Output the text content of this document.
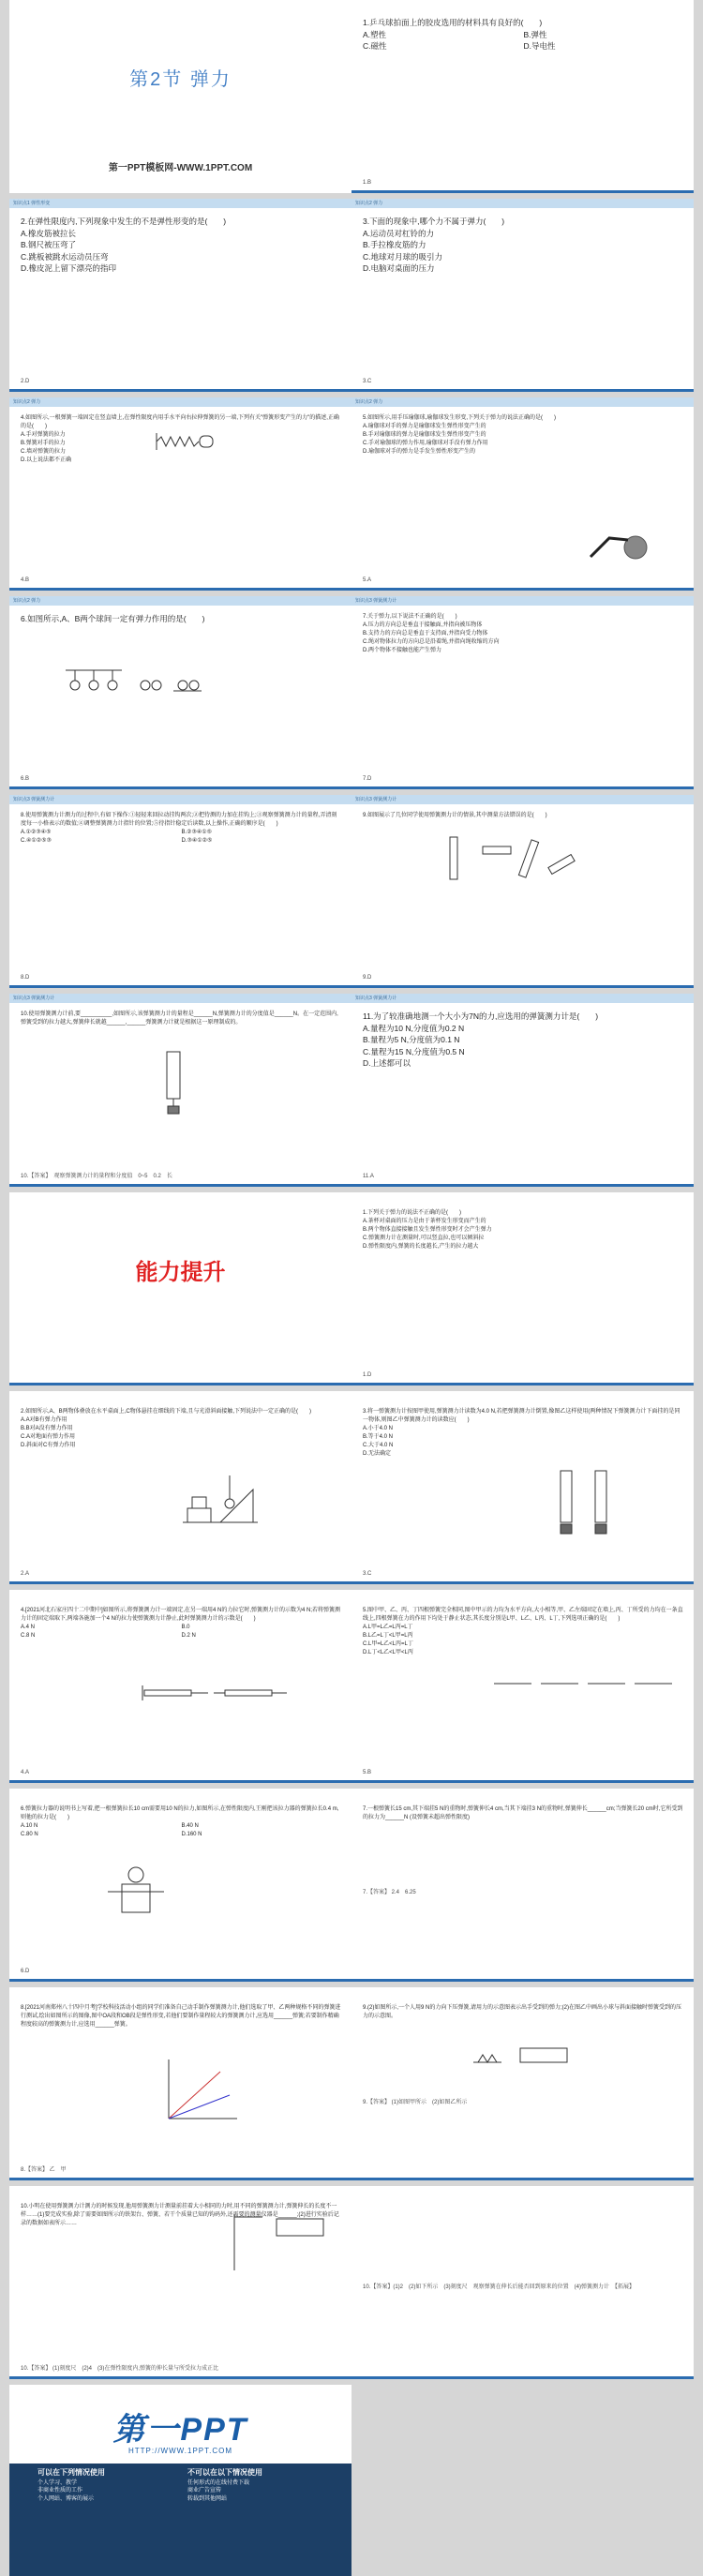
第2节 弹力
第一PPT模板网-WWW.1PPT.COM
1.乒乓球拍面上的胶皮选用的材料具有良好的(　　)
A.塑性	B.弹性
C.磁性	D.导电性
1.B
知识点1 弹性形变
2.在弹性限度内,下列现象中发生的不是弹性形变的是(　　)
A.橡皮筋被拉长
B.钢尺被压弯了
C.跳板被跳水运动员压弯
D.橡皮泥上留下漂亮的指印
2.D
知识点2 弹力
3.下面的现象中,哪个力不属于弹力(　　)
A.运动员对杠铃的力
B.手拉橡皮筋的力
C.地球对月球的吸引力
D.电脑对桌面的压力
3.C
知识点2 弹力
4.如图所示,一根弹簧一端固定在竖直墙上,在弹性限度内用手水平向右拉伸弹簧的另一端,下列有关"弹簧形变产生的力"的描述,正确的是(　　)
A.手对弹簧的拉力
B.弹簧对手的拉力
C.墙对弹簧的拉力
D.以上说法都不正确
4.B
知识点2 弹力
5.如图所示,用手压瑜伽球,瑜伽球发生形变,下列关于弹力的说法正确的是(　　)
A.瑜伽球对手的弹力是瑜伽球发生弹性形变产生的
B.手对瑜伽球的弹力是瑜伽球发生弹性形变产生的
C.手对瑜伽球的弹力作用,瑜伽球对手没有弹力作用
D.瑜伽球对手的弹力是手发生弹性形变产生的
5.A
知识点2 弹力
6.如图所示,A、B两个球间一定有弹力作用的是(　　)
6.B
知识点3 弹簧测力计
7.关于弹力,以下说法不正确的是(　　)
A.压力的方向总是垂直于接触面,并指向被压物体
B.支持力的方向总是垂直于支持面,并指向受力物体
C.绳对物体拉力的方向总是沿着绳,并指向绳收缩的方向
D.两个物体不接触也能产生弹力
7.D
知识点3 弹簧测力计
8.使用弹簧测力计测力的过程中,有如下操作:①轻轻来回拉动挂钩两次;②把待测的力加在挂钩上;③观察弹簧测力计的量程,弄清刻度每一小格表示的数值;④调整弹簧测力计指针的位置;⑤待指针稳定后读数,以上操作,正确的顺序是(　　)
A.①②③④⑤	B.②③④①⑤
C.④①②⑤③	D.③④①②⑤
8.D
知识点3 弹簧测力计
9.如图展示了几位同学使用弹簧测力计的情景,其中测量方法错误的是(　　)
9.D
知识点3 弹簧测力计
10.使用弹簧测力计前,要__________,如图所示,该弹簧测力计的量程是______N,弹簧测力计的分度值是______N。在一定范围内,弹簧受到的拉力越大,弹簧伸长就越______,______弹簧测力计就是根据这一原理制成的。
10.【答案】　观察弹簧测力计的量程和分度值　0~5　0.2　长
知识点3 弹簧测力计
11.为了较准确地测一个大小为7N的力,应选用的弹簧测力计是(　　)
A.量程为10 N,分度值为0.2 N
B.量程为5 N,分度值为0.1 N
C.量程为15 N,分度值为0.5 N
D.上述都可以
11.A
能力提升
1.下列关于弹力的说法不正确的是(　　)
A.茶杯对桌面的压力是由于茶杯发生形变而产生的
B.两个物体直接接触且发生弹性形变时才会产生弹力
C.弹簧测力计在测量时,可以竖直拉,也可以倾斜拉
D.弹性限度内,弹簧的长度越长,产生的拉力越大
1.D
2.如图所示,A、B两物体叠放在水平桌面上,C物体悬挂在细线的下端,且与光滑斜面接触,下列说法中一定正确的是(　　)
A.A对B有弹力作用
B.B对A没有弹力作用
C.A对地面有弹力作用
D.斜面对C有弹力作用
2.A
3.将一弹簧测力计按图甲使用,弹簧测力计读数为4.0 N,若把弹簧测力计倒置,像图乙这样使用(两种情况下弹簧测力计下面挂的是同一物体,则图乙中弹簧测力计的读数应(　　)
A.小于4.0 N
B.等于4.0 N
C.大于4.0 N
D.无法确定
3.C
4.[2021河北石家庄四十二中期中]如图所示,将弹簧测力计一端固定,在另一端用4 N的力拉它时,弹簧测力计的示数为4 N;若将弹簧测力计的固定端取下,两端各施加一个4 N的拉力使弹簧测力计静止,此时弹簧测力计的示数是(　　)
A.4 N	B.0
C.8 N	D.2 N
4.A
5.图中甲、乙、丙、丁四根弹簧完全相同,图中甲示的力均为水平方向,大小相等,甲、乙左端固定在墙上,丙、丁所受的力均在一条直线上,四根弹簧在力的作用下均处于静止状态,其长度分别是L甲、L乙、L丙、L丁,下列选项正确的是(　　)
A.L甲=L乙=L丙=L丁
B.L乙=L丁<L甲=L丙
C.L甲=L乙<L丙=L丁
D.L丁<L乙<L甲<L丙
5.B
6.弹簧拉力器的说明书上写着,把一根弹簧拉长10 cm需要用10 N的拉力,如图所示,在弹性限度内,王刚把该拉力器的弹簧拉长0.4 m,则他的拉力是(　　)
A.10 N	B.40 N
C.80 N	D.160 N
6.D
7.一根弹簧长15 cm,其下端挂5 N的重物时,弹簧伸长4 cm,当其下端挂3 N的重物时,弹簧伸长______cm;当弹簧长20 cm时,它所受到的拉力为______N (设弹簧未超出弹性限度)
7.【答案】 2.4　6.25
8.[2021河南郑州八十四中月考]学校科技活动小组的同学们准备自己动手制作弹簧测力计,他们选取了甲、乙两种规格不同的弹簧进行测试,绘出如图所示的图像,图中OA段和OB段是弹性形变,若他们要制作量程较大的弹簧测力计,应选用______弹簧;若要制作精确程度较高的弹簧测力计,应选用______弹簧。
8.【答案】 乙　甲
9.(2)如图所示,一个人用9 N的力向下压弹簧,请用力的示意图表示出手受到的弹力;(2)在图乙中画出小球与斜面接触时弹簧受到的压力的示意图。
9.【答案】 (1)如图甲所示　(2)如图乙所示
10.小明在使用弹簧测力计测力的时候发现,他用弹簧测力计测量前挂着大小相同的力时,用不同的弹簧测力计,弹簧伸长的长度不一样……(1)要完成实验,除了需要如图所示的铁架台、弹簧、若干个质量已知的钩码外,还需要的测量仪器是______;(2)进行实验后记录的数据如表所示……
10.【答案】 (1)刻度尺　(2)4　(3)在弹性限度内,弹簧的伸长量与所受拉力成正比
10.【答案】(1)2　(2)如下所示　(3)刻度尺　观察弹簧在伸长后能否回到原来的位置　(4)弹簧测力计　【拓展】
第一PPT
HTTP://WWW.1PPT.COM
可以在下列情况使用
个人学习、教学
非商业性质的工作
个人网站、博客的展示
不可以在以下情况使用
任何形式的在线付费下载
商业广告宣传
转载到其他网站
